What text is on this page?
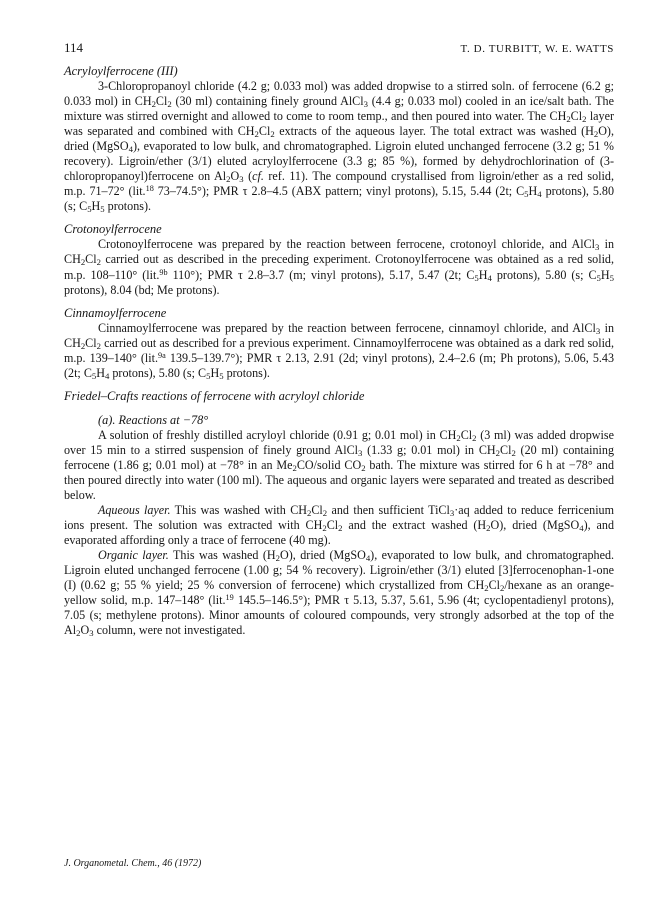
114	T. D. TURBITT, W. E. WATTS
Acryloylferrocene (III)

3-Chloropropanoyl chloride (4.2 g; 0.033 mol) was added dropwise to a stirred soln. of ferrocene (6.2 g; 0.033 mol) in $CH_2Cl_2$ (30 ml) containing finely ground AlCl$_3$ (4.4 g; 0.033 mol) cooled in an ice/salt bath. The mixture was stirred overnight and allowed to come to room temp., and then poured into water. The $CH_2Cl_2$ layer was separated and combined with $CH_2Cl_2$ extracts of the aqueous layer. The total extract was washed $(H_2O)$, dried (MgSO$_4$), evaporated to low bulk, and chromatographed. Ligroin eluted unchanged ferrocene (3.2 g; 51 % recovery). Ligroin/ether (3/1) eluted acryloylferrocene (3.3 g; 85 %), formed by dehydrochlorination of (3-chloropropanoyl)ferrocene on $Al_2O_3$ (cf. ref. 11). The compound crystallised from ligroin/ether as a red solid, m.p. 71–72° (lit.$^{18}$ 73–74.5°); PMR τ 2.8–4.5 (ABX pattern; vinyl protons), 5.15, 5.44 (2t; $C_5H_4$ protons), 5.80 (s; $C_5H_5$ protons).

Crotonoylferrocene

Crotonoylferrocene was prepared by the reaction between ferrocene, crotonoyl chloride, and AlCl$_3$ in $CH_2Cl_2$ carried out as described in the preceding experiment. Crotonoylferrocene was obtained as a red solid, m.p. 108–110° (lit.$^{9b}$ 110°); PMR τ 2.8–3.7 (m; vinyl protons), 5.17, 5.47 (2t; $C_5H_4$ protons), 5.80 (s; $C_5H_5$ protons), 8.04 (bd; Me protons).

Cinnamoylferrocene

Cinnamoylferrocene was prepared by the reaction between ferrocene, cinnamoyl chloride, and AlCl$_3$ in $CH_2Cl_2$ carried out as described for a previous experiment. Cinnamoylferrocene was obtained as a dark red solid, m.p. 139–140° (lit.$^{9a}$ 139.5–139.7°); PMR τ 2.13, 2.91 (2d; vinyl protons), 2.4–2.6 (m; Ph protons), 5.06, 5.43 (2t; $C_5H_4$ protons), 5.80 (s; $C_5H_5$ protons).

Friedel–Crafts reactions of ferrocene with acryloyl chloride
(a). Reactions at −78°

A solution of freshly distilled acryloyl chloride (0.91 g; 0.01 mol) in $CH_2Cl_2$ (3 ml) was added dropwise over 15 min to a stirred suspension of finely ground AlCl$_3$ (1.33 g; 0.01 mol) in $CH_2Cl_2$ (20 ml) containing ferrocene (1.86 g; 0.01 mol) at −78° in an $Me_2CO$/solid $CO_2$ bath. The mixture was stirred for 6 h at −78° and then poured directly into water (100 ml). The aqueous and organic layers were separated and treated as described below.

Aqueous layer. This was washed with $CH_2Cl_2$ and then sufficient TiCl$_3$·aq added to reduce ferricenium ions present. The solution was extracted with $CH_2Cl_2$ and the extract washed $(H_2O)$, dried (MgSO$_4$), and evaporated affording only a trace of ferrocene (40 mg).

Organic layer. This was washed $(H_2O)$, dried (MgSO$_4$), evaporated to low bulk, and chromatographed. Ligroin eluted unchanged ferrocene (1.00 g; 54 % recovery). Ligroin/ether (3/1) eluted [3]ferrocenophan-1-one (I) (0.62 g; 55 % yield; 25 % conversion of ferrocene) which crystallized from $CH_2Cl_2$/hexane as an orange-yellow solid, m.p. 147–148° (lit.$^{19}$ 145.5–146.5°); PMR τ 5.13, 5.37, 5.61, 5.96 (4t; cyclopentadienyl protons), 7.05 (s; methylene protons). Minor amounts of coloured compounds, very strongly adsorbed at the top of the $Al_2O_3$ column, were not investigated.

J. Organometal. Chem., 46 (1972)
